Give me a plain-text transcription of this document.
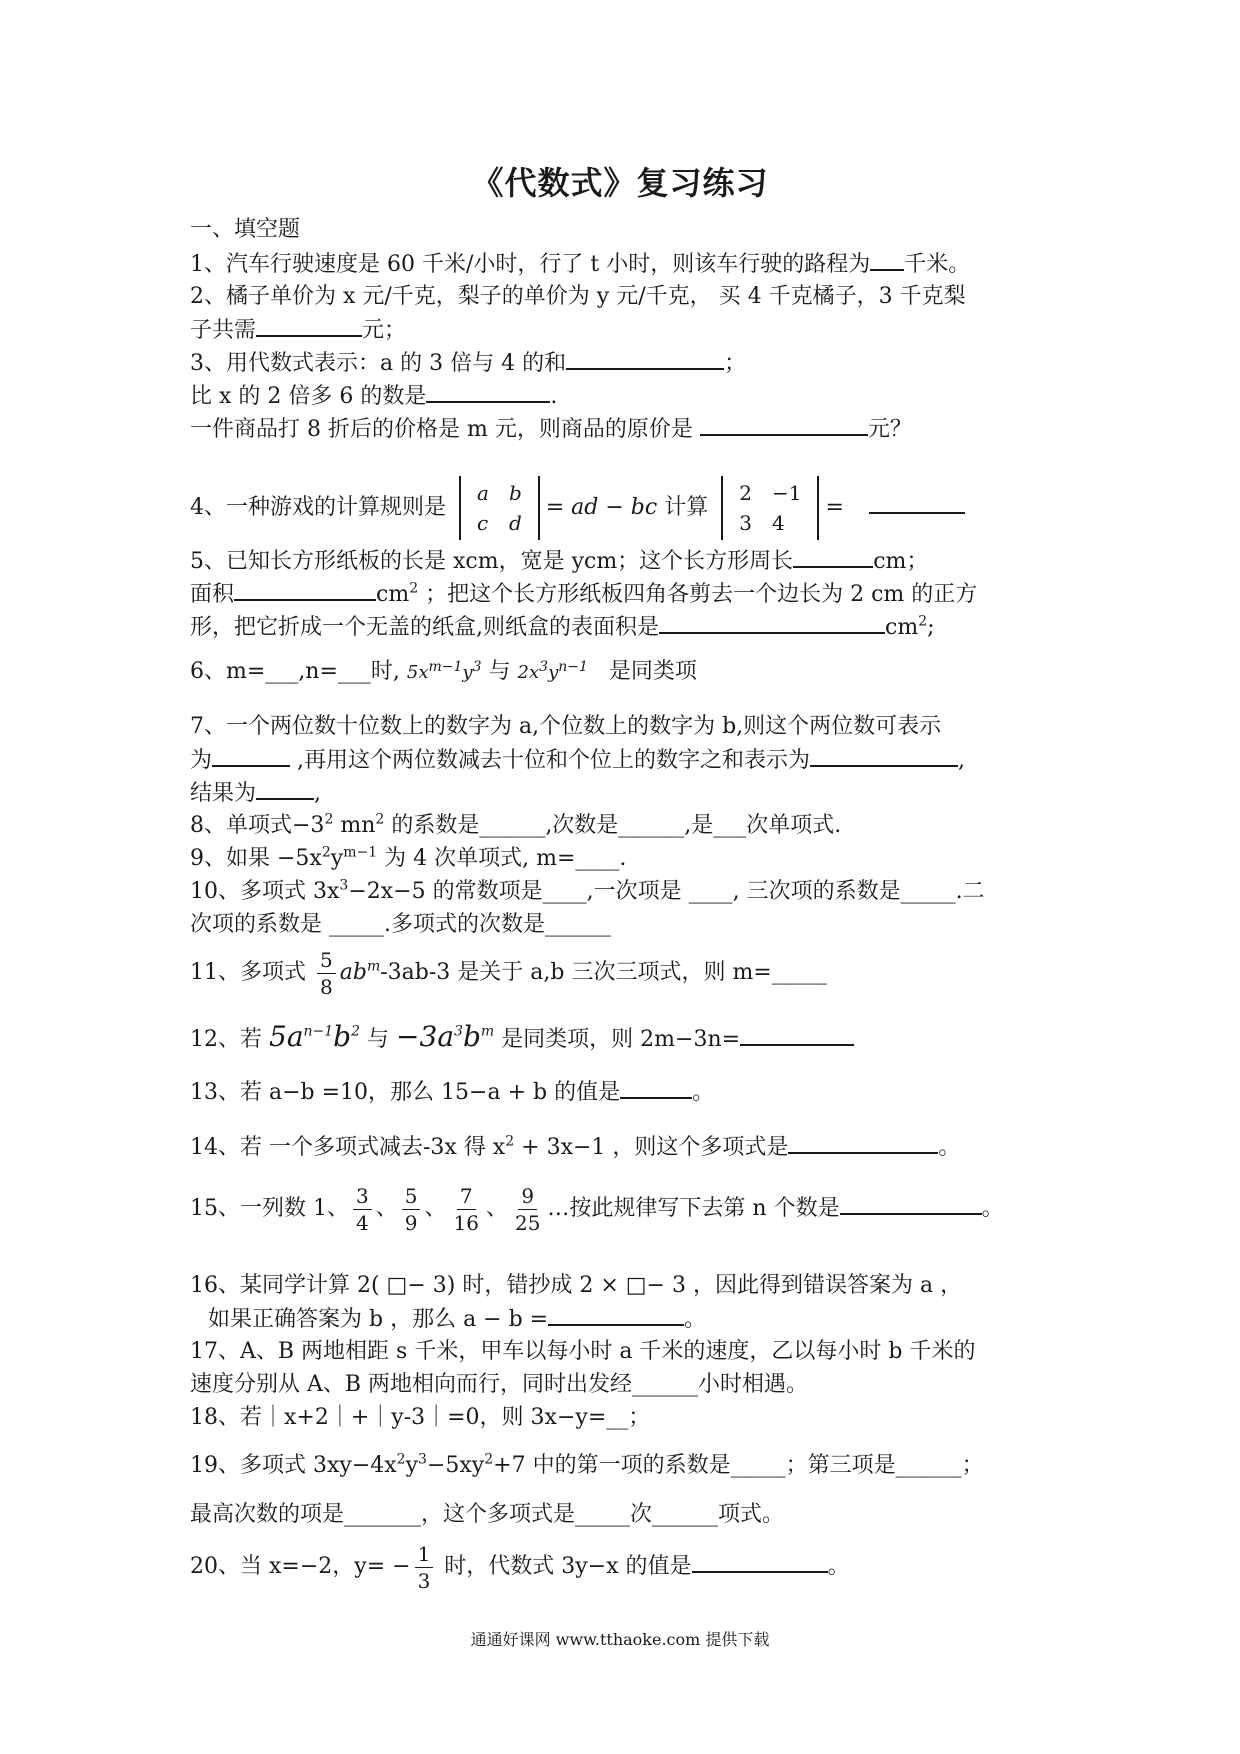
《代数式》复习练习
一、填空题
1、汽车行驶速度是 60 千米/小时，行了 t 小时，则该车行驶的路程为 千米。
2、橘子单价为 x 元/千克，梨子的单价为 y 元/千克， 买 4 千克橘子，3 千克梨
子共需	元；
3、用代数式表示：a 的 3 倍与 4 的和	；
比 x 的 2 倍多 6 的数是	.
一件商品打 8 折后的价格是 m 元，则商品的原价是	元？
4、一种游戏的计算规则是
a	b
c	d
= ad − bc 计算
2	−1
3	4
=
5、已知长方形纸板的长是 xcm，宽是 ycm；这个长方形周长	cm；
面积	$cm^2$ ；把这个长方形纸板四角各剪去一个边长为 2 cm 的正方
形，把它折成一个无盖的纸盒,则纸盒的表面积是	$cm^2$;
6、m=___,n=___时, $5x^{m-1}y^3$ 与 $2x^3y^{n-1}$ 是同类项
7、一个两位数十位数上的数字为 a,个位数上的数字为 b,则这个两位数可表示
为	,再用这个两位数减去十位和个位上的数字之和表示为	,
结果为	,
8、单项式$-3^2$ $mn^2$ 的系数是______,次数是______,是___次单项式.
9、如果 $-5x^2y^{m-1}$ 为 4 次单项式, m=____.
10、多项式 $3x^3-2x-5$ 的常数项是____,一次项是 ____, 三次项的系数是_____.二
次项的系数是 _____.多项式的次数是______
11、多项式 $\frac{5}{8} ab^m-3ab-3$ 是关于 a,b 三次三项式，则 m=_____
12、若 $5a^{n-1}b^2$ 与 $-3a^3b^m$ 是同类项，则 2m−3n=
13、若 a−b =10，那么 15−a + b 的值是	。
14、若 一个多项式减去-3x 得 $x^2 + 3x-1$ ，则这个多项式是	。
15、一列数 1、 $\frac{3}{4}$ 、 $\frac{5}{9}$ 、 $\frac{7}{16}$ 、 $\frac{9}{25}$ …按此规律写下去第 n 个数是	。
16、某同学计算 2( □− 3) 时，错抄成 2 × □− 3 ，因此得到错误答案为 a ，
如果正确答案为 b ，那么 a − b =	。
17、A、B 两地相距 s 千米，甲车以每小时 a 千米的速度，乙以每小时 b 千米的
速度分别从 A、B 两地相向而行，同时出发经______小时相遇。
18、若｜x+2｜+｜y-3｜=0，则 3x−y=__；
19、多项式 $3xy-4x^2y^3-5xy^2+7$ 中的第一项的系数是_____；第三项是______；
最高次数的项是_______，这个多项式是_____次______项式。
20、当 x=−2，$y= - \frac{1}{3}$ 时，代数式 3y−x 的值是	。
通通好课网 www.tthaoke.com 提供下载
